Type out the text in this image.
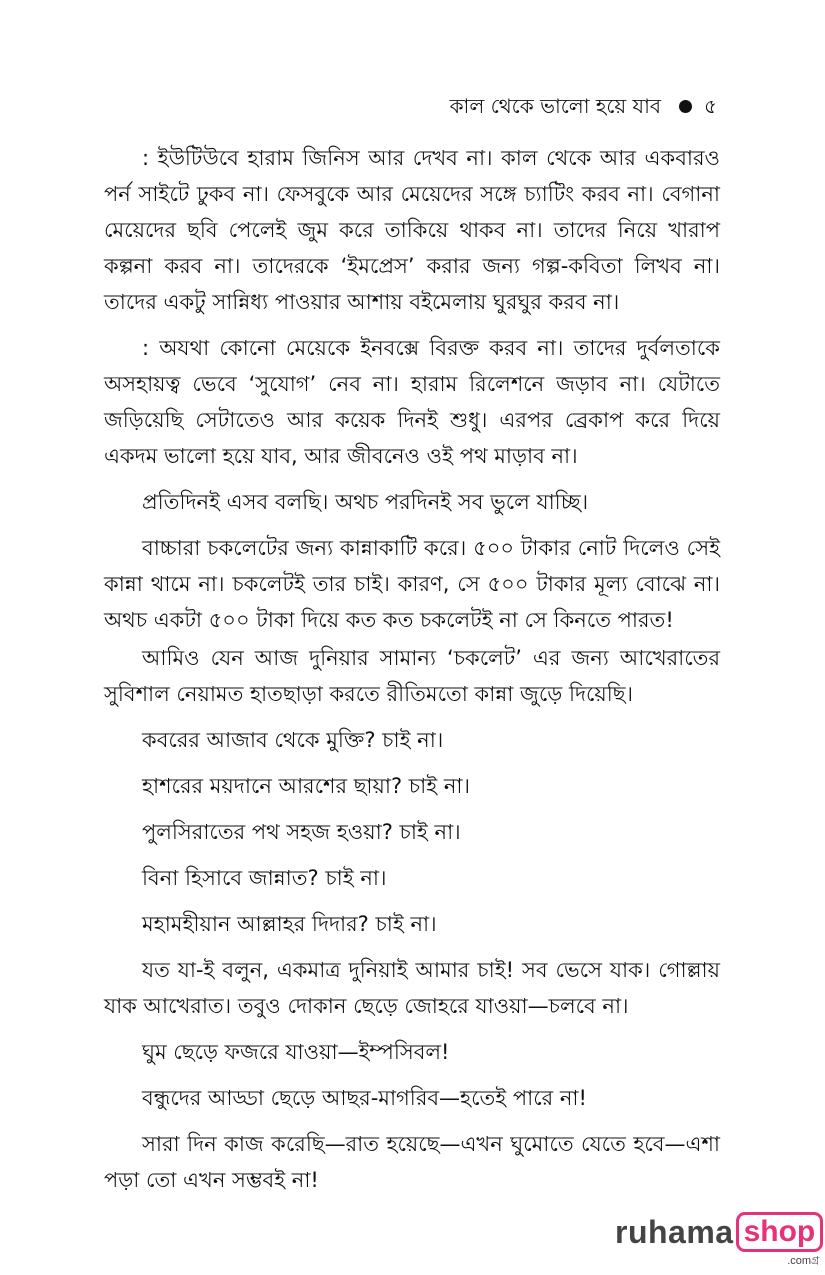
কাল থেকে ভালো হয়ে যাব ৫

: ইউটিউবে হারাম জিনিস আর দেখব না। কাল থেকে আর একবারও পর্ন সাইটে ঢুকব না। ফেসবুকে আর মেয়েদের সঙ্গে চ্যাটিং করব না। বেগানা মেয়েদের ছবি পেলেই জুম করে তাকিয়ে থাকব না। তাদের নিয়ে খারাপ কল্পনা করব না। তাদেরকে ‘ইমপ্রেস’ করার জন্য গল্প-কবিতা লিখব না। তাদের একটু সান্নিধ্য পাওয়ার আশায় বইমেলায় ঘুরঘুর করব না।

: অযথা কোনো মেয়েকে ইনবক্সে বিরক্ত করব না। তাদের দুর্বলতাকে অসহায়ত্ব ভেবে ‘সুযোগ’ নেব না। হারাম রিলেশনে জড়াব না। যেটাতে জড়িয়েছি সেটাতেও আর কয়েক দিনই শুধু। এরপর ব্রেকাপ করে দিয়ে একদম ভালো হয়ে যাব, আর জীবনেও ওই পথ মাড়াব না।

প্রতিদিনই এসব বলছি। অথচ পরদিনই সব ভুলে যাচ্ছি।

বাচ্চারা চকলেটের জন্য কান্নাকাটি করে। ৫০০ টাকার নোট দিলেও সেই কান্না থামে না। চকলেটই তার চাই। কারণ, সে ৫০০ টাকার মূল্য বোঝে না। অথচ একটা ৫০০ টাকা দিয়ে কত কত চকলেটই না সে কিনতে পারত!

আমিও যেন আজ দুনিয়ার সামান্য ‘চকলেট’ এর জন্য আখেরাতের সুবিশাল নেয়ামত হাতছাড়া করতে রীতিমতো কান্না জুড়ে দিয়েছি।

কবরের আজাব থেকে মুক্তি? চাই না।

হাশরের ময়দানে আরশের ছায়া? চাই না।

পুলসিরাতের পথ সহজ হওয়া? চাই না।

বিনা হিসাবে জান্নাত? চাই না।

মহামহীয়ান আল্লাহর দিদার? চাই না।

যত যা-ই বলুন, একমাত্র দুনিয়াই আমার চাই! সব ভেসে যাক। গোল্লায় যাক আখেরাত। তবুও দোকান ছেড়ে জোহরে যাওয়া—চলবে না।

ঘুম ছেড়ে ফজরে যাওয়া—ইম্পসিবল!

বন্ধুদের আড্ডা ছেড়ে আছর-মাগরিব—হতেই পারে না!

সারা দিন কাজ করেছি—রাত হয়েছে—এখন ঘুমোতে যেতে হবে—এশা পড়া তো এখন সম্ভবই না!

ruhama shop
.comগ্র
